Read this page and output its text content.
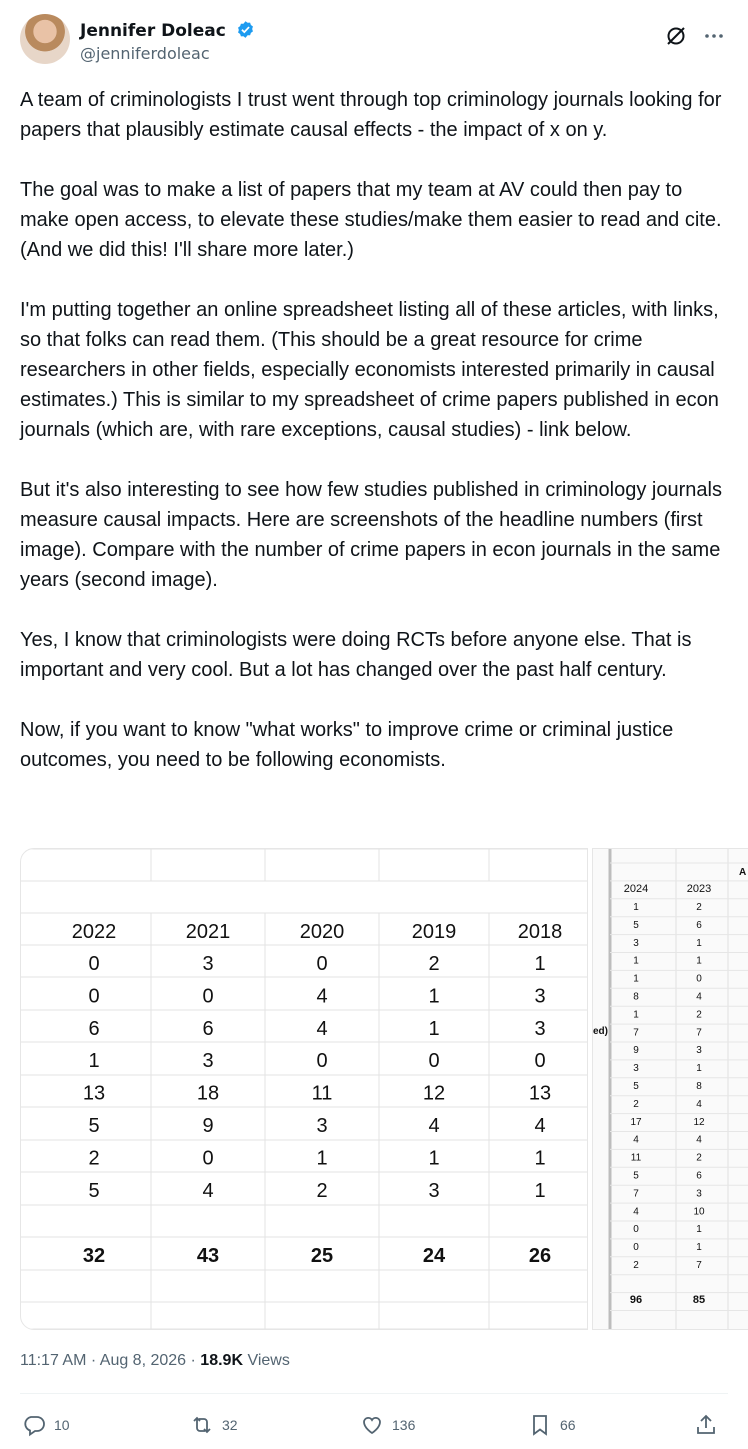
Jennifer Doleac
@jenniferdoleac
A team of criminologists I trust went through top criminology journals looking for papers that plausibly estimate causal effects - the impact of x on y.

The goal was to make a list of papers that my team at AV could then pay to make open access, to elevate these studies/make them easier to read and cite. (And we did this! I'll share more later.)

I'm putting together an online spreadsheet listing all of these articles, with links, so that folks can read them. (This should be a great resource for crime researchers in other fields, especially economists interested primarily in causal estimates.) This is similar to my spreadsheet of crime papers published in econ journals (which are, with rare exceptions, causal studies) - link below.

But it's also interesting to see how few studies published in criminology journals measure causal impacts. Here are screenshots of the headline numbers (first image). Compare with the number of crime papers in econ journals in the same years (second image).

Yes, I know that criminologists were doing RCTs before anyone else. That is important and very cool. But a lot has changed over the past half century.

Now, if you want to know "what works" to improve crime or criminal justice outcomes, you need to be following economists.
2022	2021	2020	2019	2018
0	3	0	2	1
0	0	4	1	3
6	6	4	1	3
1	3	0	0	0
13	18	11	12	13
5	9	3	4	4
2	0	1	1	1
5	4	2	3	1
32	43	25	24	26
A
ed)
2024	2023
1	2
5	6
3	1
1	1
1	0
8	4
1	2
7	7
9	3
3	1
5	8
2	4
17	12
4	4
11	2
5	6
7	3
4	10
0	1
0	1
2	7
96	85
11:17 AM · Aug 8, 2026 · 18.9K Views
10	32	136	66
